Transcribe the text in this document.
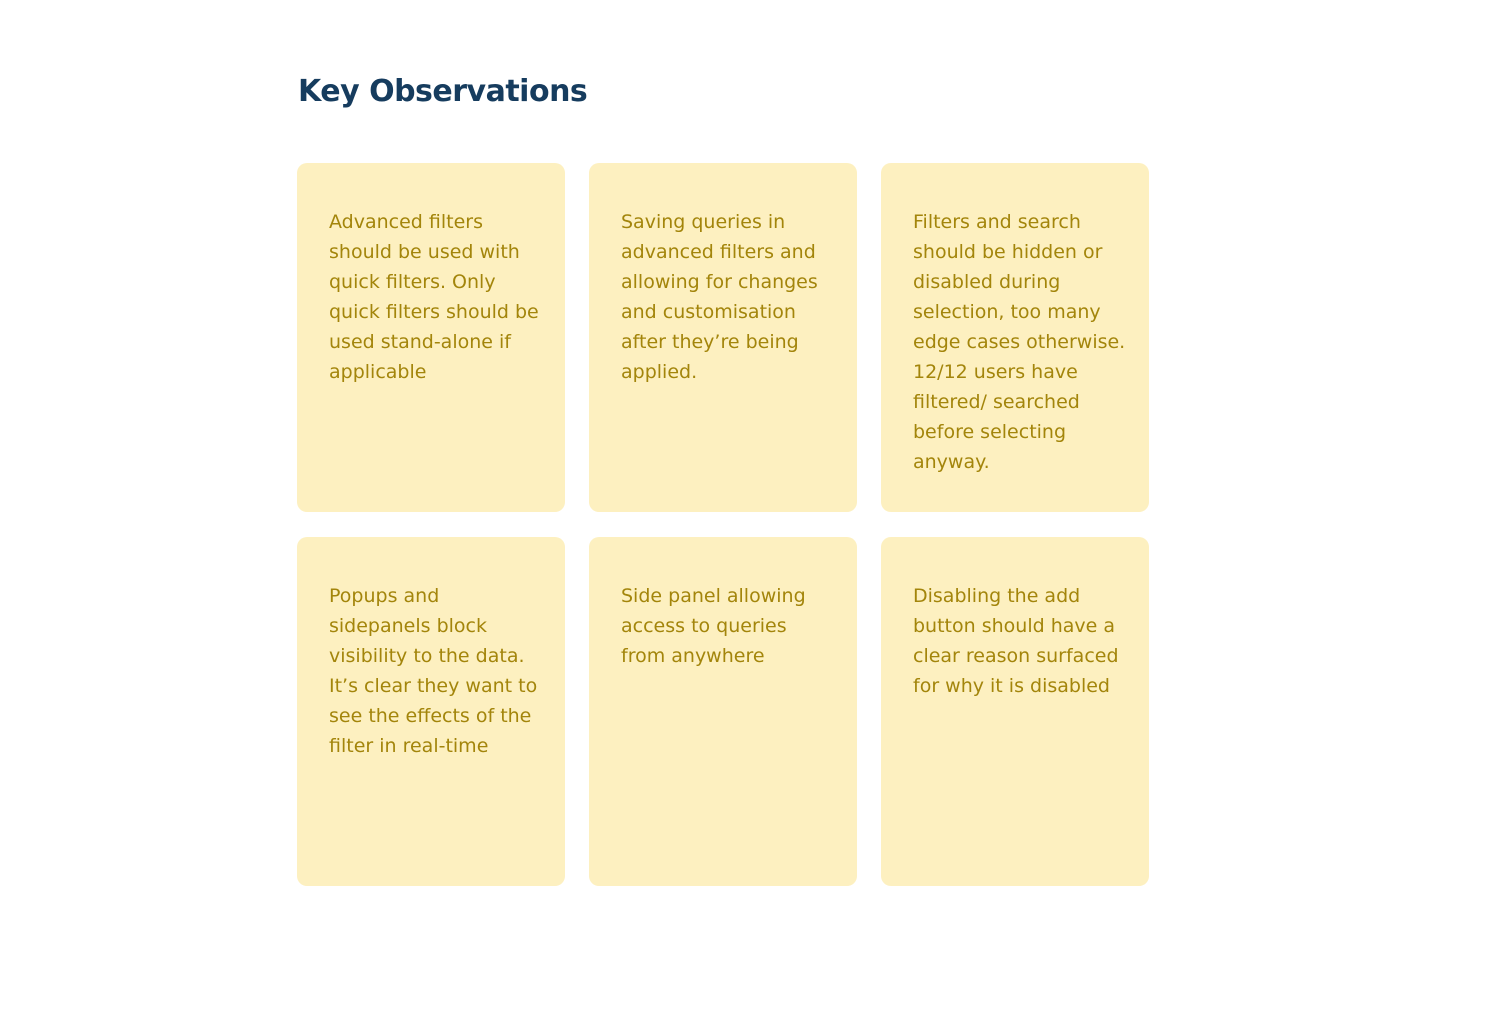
Key Observations

Advanced filters should be used with quick filters. Only quick filters should be used stand-alone if applicable

Saving queries in advanced filters and allowing for changes and customisation after they’re being applied.

Filters and search should be hidden or disabled during selection, too many edge cases otherwise. 12/12 users have filtered/ searched before selecting anyway.

Popups and sidepanels block visibility to the data. It’s clear they want to see the effects of the filter in real-time

Side panel allowing access to queries from anywhere

Disabling the add button should have a clear reason surfaced for why it is disabled
